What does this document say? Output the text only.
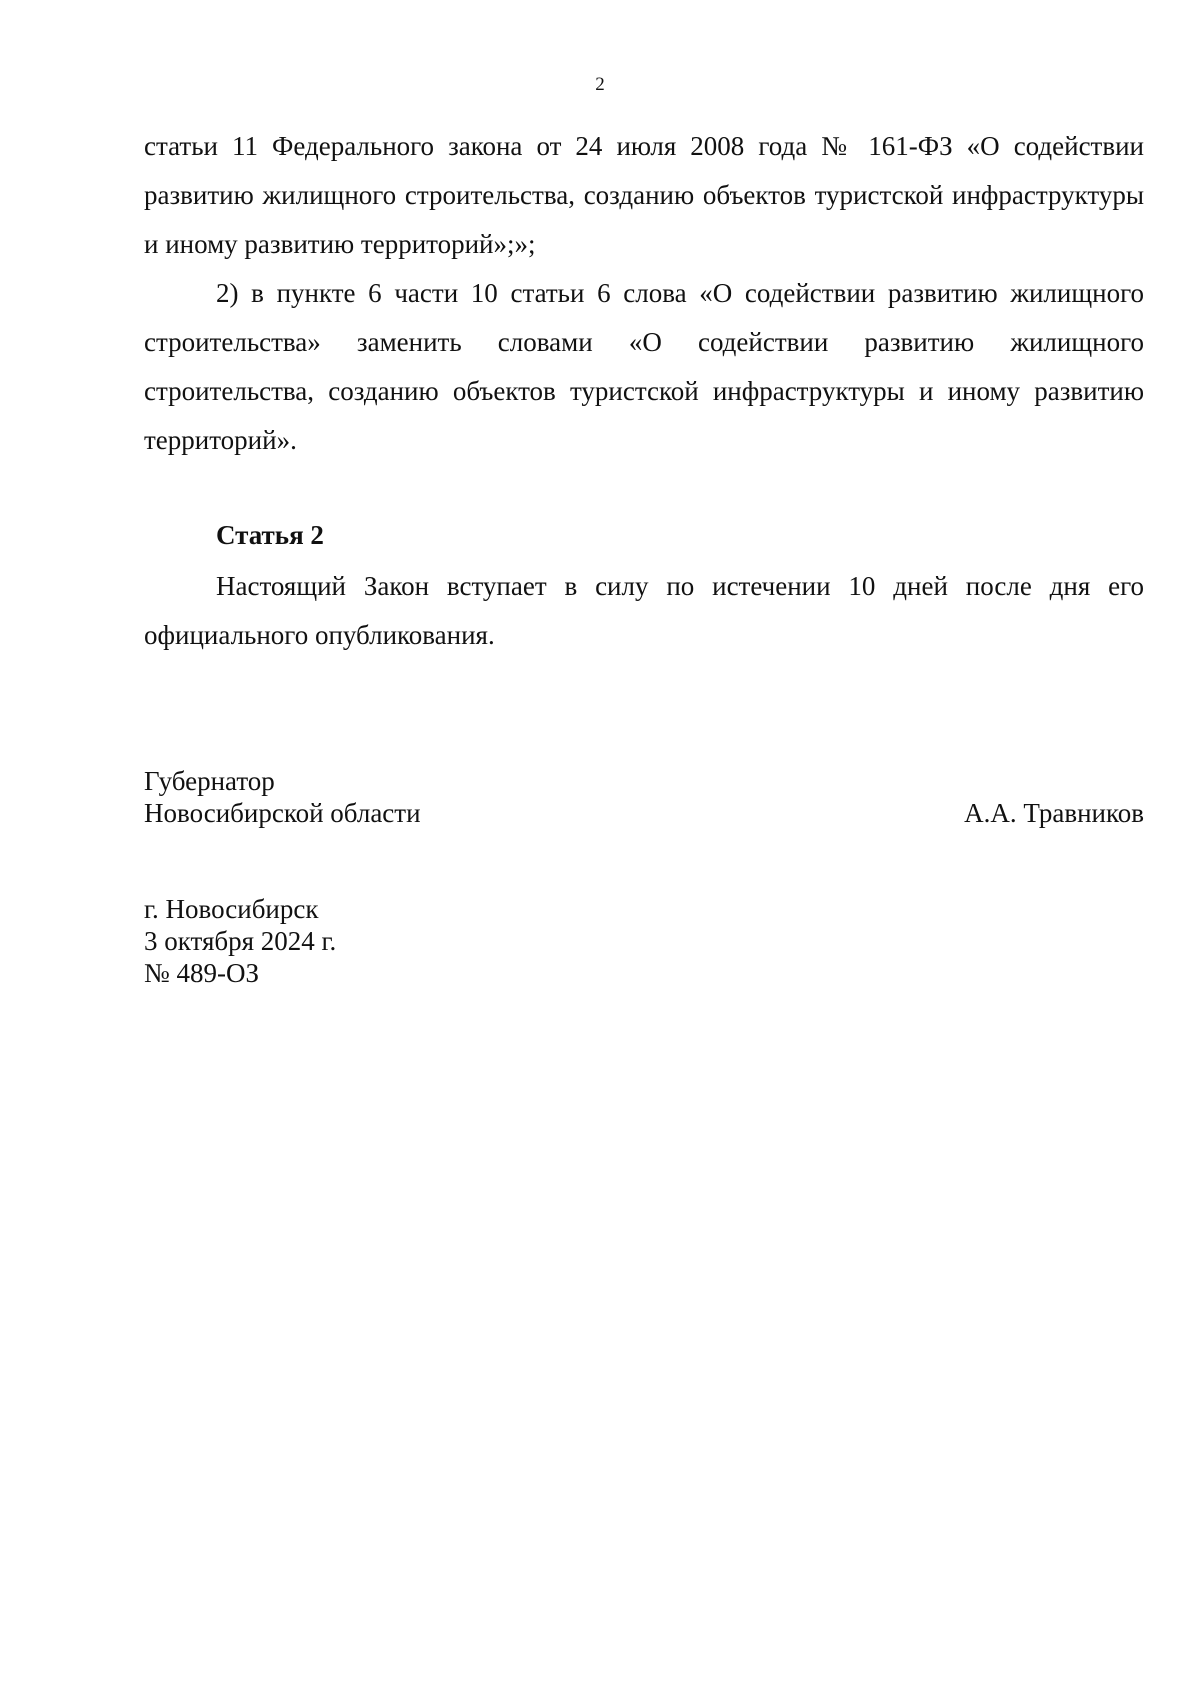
2
статьи 11 Федерального закона от 24 июля 2008 года № 161-ФЗ «О содействии развитию жилищного строительства, созданию объектов туристской инфраструктуры и иному развитию территорий»;»;
2) в пункте 6 части 10 статьи 6 слова «О содействии развитию жилищного строительства» заменить словами «О содействии развитию жилищного строительства, созданию объектов туристской инфраструктуры и иному развитию территорий».
Статья 2
Настоящий Закон вступает в силу по истечении 10 дней после дня его официального опубликования.
Губернатор
Новосибирской области	А.А. Травников
г. Новосибирск
3 октября 2024 г.
№ 489-ОЗ
